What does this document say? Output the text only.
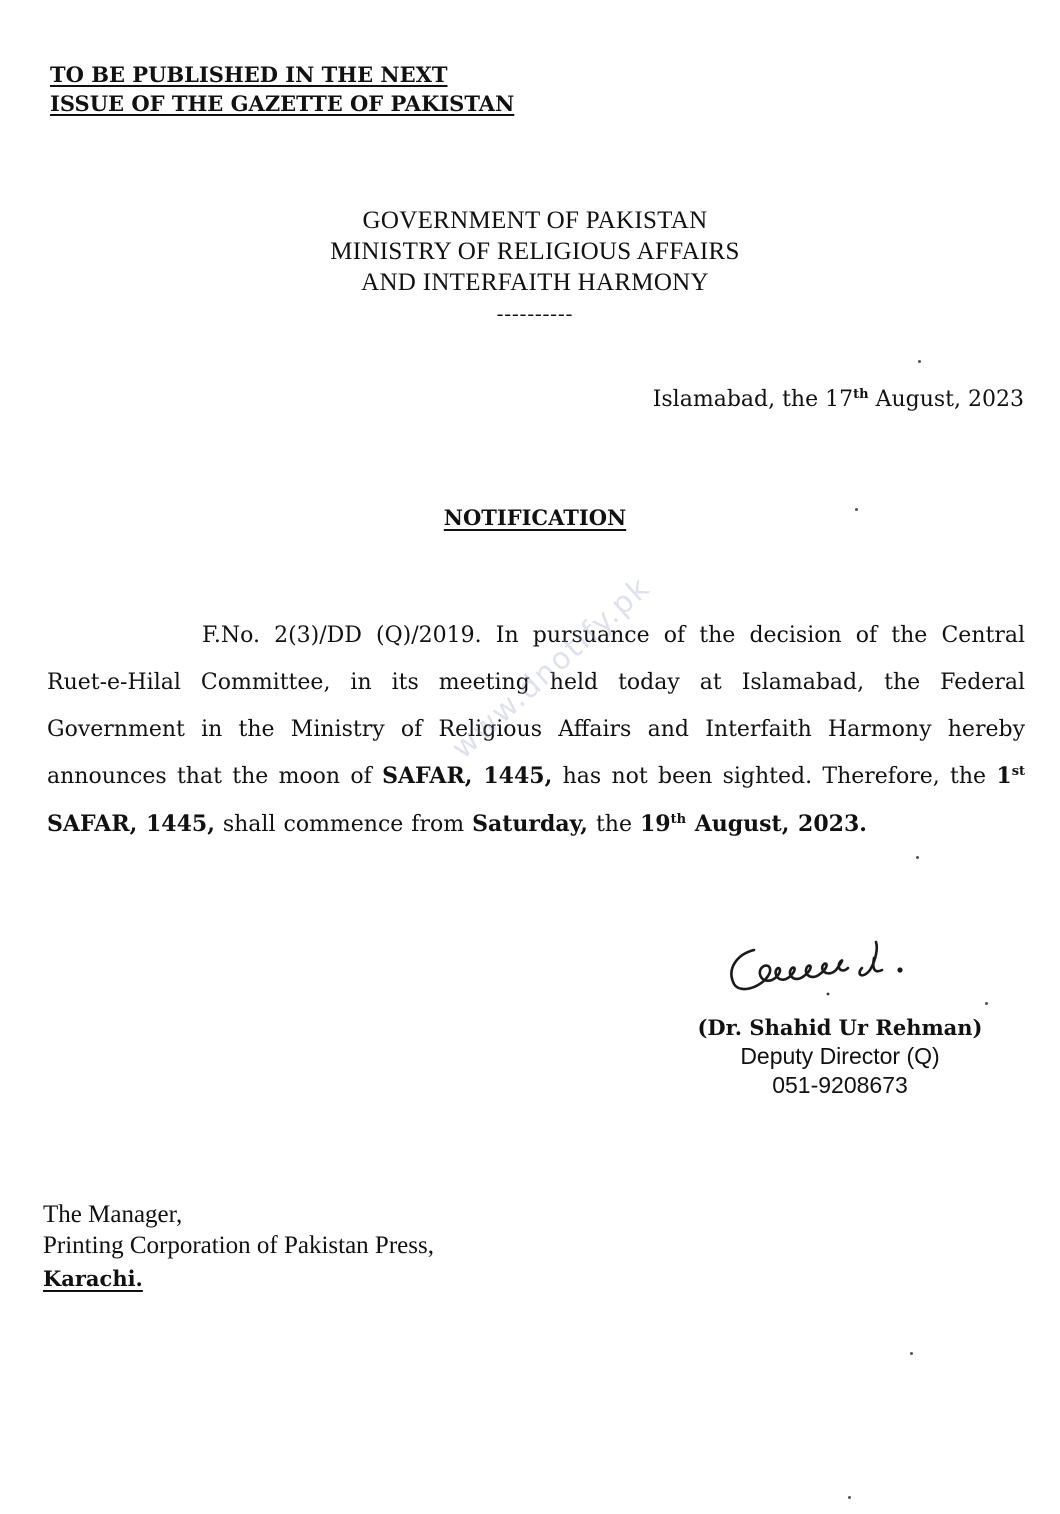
TO BE PUBLISHED IN THE NEXT
ISSUE OF THE GAZETTE OF PAKISTAN
GOVERNMENT OF PAKISTAN
MINISTRY OF RELIGIOUS AFFAIRS
AND INTERFAITH HARMONY
----------
Islamabad, the 17th August, 2023
NOTIFICATION
F.No. 2(3)/DD (Q)/2019. In pursuance of the decision of the Central Ruet-e-Hilal Committee, in its meeting held today at Islamabad, the Federal Government in the Ministry of Religious Affairs and Interfaith Harmony hereby announces that the moon of SAFAR, 1445, has not been sighted. Therefore, the 1st SAFAR, 1445, shall commence from Saturday, the 19th August, 2023.
www.dnotify.pk
(Dr. Shahid Ur Rehman)
Deputy Director (Q)
051-9208673
The Manager,
Printing Corporation of Pakistan Press,
Karachi.
